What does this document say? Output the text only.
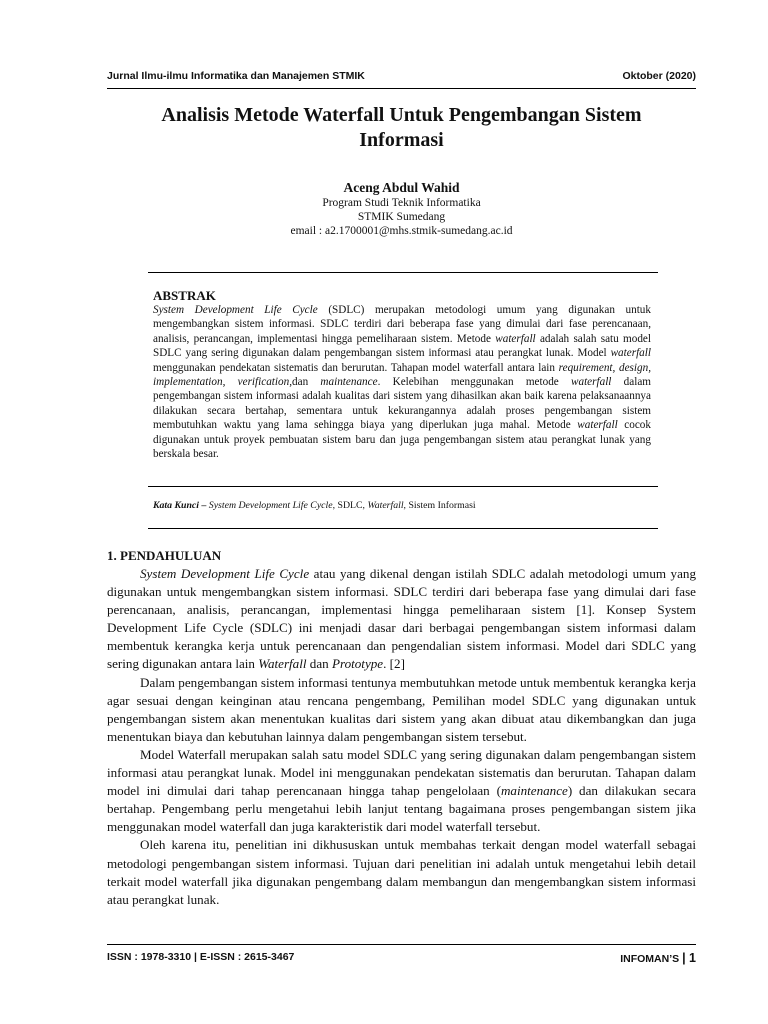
Jurnal Ilmu-ilmu Informatika dan Manajemen STMIK	Oktober (2020)
Analisis Metode Waterfall Untuk Pengembangan Sistem
Informasi
Aceng Abdul Wahid
Program Studi Teknik Informatika
STMIK Sumedang
email : a2.1700001@mhs.stmik-sumedang.ac.id
ABSTRAK
System Development Life Cycle (SDLC) merupakan metodologi umum yang digunakan untuk mengembangkan sistem informasi. SDLC terdiri dari beberapa fase yang dimulai dari fase perencanaan, analisis, perancangan, implementasi hingga pemeliharaan sistem. Metode waterfall adalah salah satu model SDLC yang sering digunakan dalam pengembangan sistem informasi atau perangkat lunak. Model waterfall menggunakan pendekatan sistematis dan berurutan. Tahapan model waterfall antara lain requirement, design, implementation, verification,dan maintenance. Kelebihan menggunakan metode waterfall dalam pengembangan sistem informasi adalah kualitas dari sistem yang dihasilkan akan baik karena pelaksanaannya dilakukan secara bertahap, sementara untuk kekurangannya adalah proses pengembangan sistem membutuhkan waktu yang lama sehingga biaya yang diperlukan juga mahal. Metode waterfall cocok digunakan untuk proyek pembuatan sistem baru dan juga pengembangan sistem atau perangkat lunak yang berskala besar.
Kata Kunci – System Development Life Cycle, SDLC, Waterfall, Sistem Informasi
1. PENDAHULUAN

System Development Life Cycle atau yang dikenal dengan istilah SDLC adalah metodologi umum yang digunakan untuk mengembangkan sistem informasi. SDLC terdiri dari beberapa fase yang dimulai dari fase perencanaan, analisis, perancangan, implementasi hingga pemeliharaan sistem [1]. Konsep System Development Life Cycle (SDLC) ini menjadi dasar dari berbagai pengembangan sistem informasi dalam membentuk kerangka kerja untuk perencanaan dan pengendalian sistem informasi. Model dari SDLC yang sering digunakan antara lain Waterfall dan Prototype. [2]

Dalam pengembangan sistem informasi tentunya membutuhkan metode untuk membentuk kerangka kerja agar sesuai dengan keinginan atau rencana pengembang, Pemilihan model SDLC yang digunakan untuk pengembangan sistem akan menentukan kualitas dari sistem yang akan dibuat atau dikembangkan dan juga menentukan biaya dan kebutuhan lainnya dalam pengembangan sistem tersebut.

Model Waterfall merupakan salah satu model SDLC yang sering digunakan dalam pengembangan sistem informasi atau perangkat lunak. Model ini menggunakan pendekatan sistematis dan berurutan. Tahapan dalam model ini dimulai dari tahap perencanaan hingga tahap pengelolaan (maintenance) dan dilakukan secara bertahap. Pengembang perlu mengetahui lebih lanjut tentang bagaimana proses pengembangan sistem jika menggunakan model waterfall dan juga karakteristik dari model waterfall tersebut.

Oleh karena itu, penelitian ini dikhususkan untuk membahas terkait dengan model waterfall sebagai metodologi pengembangan sistem informasi. Tujuan dari penelitian ini adalah untuk mengetahui lebih detail terkait model waterfall jika digunakan pengembang dalam membangun dan mengembangkan sistem informasi atau perangkat lunak.

ISSN : 1978-3310 | E-ISSN : 2615-3467	INFOMAN’S | 1
